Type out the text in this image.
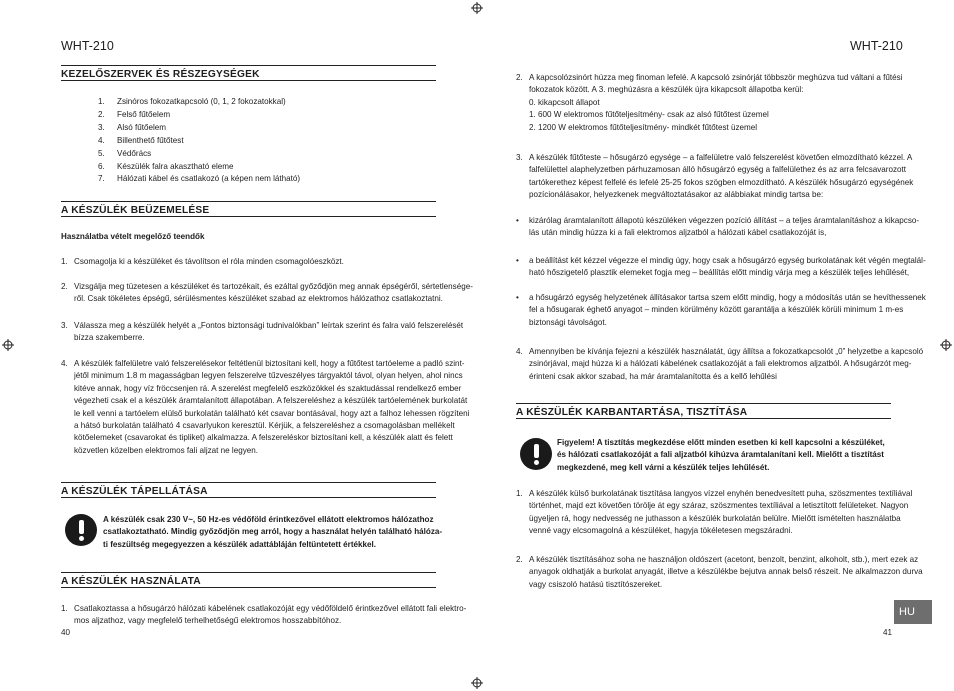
WHT-210
KEZELŐSZERVEK ÉS RÉSZEGYSÉGEK
1. Zsinóros fokozatkapcsoló (0, 1, 2 fokozatokkal)
2. Felső fűtőelem
3. Alsó fűtőelem
4. Billenthető fűtőtest
5. Védőrács
6. Készülék falra akasztható eleme
7. Hálózati kábel és csatlakozó (a képen nem látható)
A KÉSZÜLÉK BEÜZEMELÉSE
Használatba vételt megelőző teendők
1. Csomagolja ki a készüléket és távolítson el róla minden csomagolóeszközt.
2. Vizsgálja meg tüzetesen a készüléket és tartozékait, és ezáltal győződjön meg annak épségéről, sértetlensége-
ről. Csak tökéletes épségű, sérülésmentes készüléket szabad az elektromos hálózathoz csatlakoztatni.
3. Válassza meg a készülék helyét a „Fontos biztonsági tudnivalókban” leírtak szerint és falra való felszerelését
bízza szakemberre.
4. A készülék falfelületre való felszerelésekor feltétlenül biztosítani kell, hogy a fűtőtest tartóeleme a padló szint-
jétől minimum 1.8 m magasságban legyen felszerelve tűzveszélyes tárgyaktól távol, olyan helyen, ahol nincs
kitéve annak, hogy víz fröccsenjen rá. A szerelést megfelelő eszközökkel és szaktudással rendelkező ember
végezheti csak el a készülék áramtalanított állapotában. A felszereléshez a készülék tartóelemének burkolatát
le kell venni a tartóelem elülső burkolatán található két csavar bontásával, hogy azt a falhoz lehessen rögzíteni
a hátsó burkolatán található 4 csavarlyukon keresztül. Kérjük, a felszereléshez a csomagolásban mellékelt
kötőelemeket (csavarokat és tipliket) alkalmazza. A felszereléskor biztosítani kell, a készülék alatt és felett
közvetlen közelben elektromos fali aljzat ne legyen.
A KÉSZÜLÉK TÁPELLÁTÁSA
A készülék csak 230 V~, 50 Hz-es védőföld érintkezővel ellátott elektromos hálózathoz
csatlakoztatható. Mindig győződjön meg arról, hogy a használat helyén található hálóza-
ti feszültség megegyezzen a készülék adattábláján feltüntetett értékkel.
A KÉSZÜLÉK HASZNÁLATA
1. Csatlakoztassa a hősugárzó hálózati kábelének csatlakozóját egy védőföldelő érintkezővel ellátott fali elektro-
mos aljzathoz, vagy megfelelő terhelhetőségű elektromos hosszabbítóhoz.
40
WHT-210
2. A kapcsolózsinórt húzza meg finoman lefelé. A kapcsoló zsinórját többször meghúzva tud váltani a fűtési
fokozatok között. A 3. meghúzásra a készülék újra kikapcsolt állapotba kerül:
0. kikapcsolt állapot
1. 600 W elektromos fűtőteljesítmény- csak az alsó fűtőtest üzemel
2. 1200 W elektromos fűtőteljesítmény- mindkét fűtőtest üzemel
3. A készülék fűtőteste – hősugárzó egysége – a falfelületre való felszerelést követően elmozdítható kézzel. A
falfelülettel alaphelyzetben párhuzamosan álló hősugárzó egység a falfelülethez és az arra felcsavarozott
tartókerethez képest felfelé és lefelé 25-25 fokos szögben elmozdítható. A készülék hősugárzó egységének
pozícionálásakor, helyezkenek megváltoztatásakor az alábbiakat mindig tartsa be:
• kizárólag áramtalanított állapotú készüléken végezzen pozíció állítást – a teljes áramtalanításhoz a kikapcso-
lás után mindig húzza ki a fali elektromos aljzatból a hálózati kábel csatlakozóját is,
• a beállítást két kézzel végezze el mindig úgy, hogy csak a hősugárzó egység burkolatának két végén megtalál-
ható hőszigetelő plasztik elemeket fogja meg – beállítás előtt mindig várja meg a készülék teljes lehűlését,
• a hősugárzó egység helyzetének állításakor tartsa szem előtt mindig, hogy a módosítás után se hevíthessenek
fel a hősugarak éghető anyagot – minden körülmény között garantálja a készülék körüli minimum 1 m-es
biztonsági távolságot.
4. Amennyiben be kívánja fejezni a készülék használatát, úgy állítsa a fokozatkapcsolót „0” helyzetbe a kapcsoló
zsinórjával, majd húzza ki a hálózati kábelének csatlakozóját a fali elektromos aljzatból. A hősugárzót meg-
érinteni csak akkor szabad, ha már áramtalanította és a kellő lehűlési
A KÉSZÜLÉK KARBANTARTÁSA, TISZTÍTÁSA
Figyelem! A tisztítás megkezdése előtt minden esetben ki kell kapcsolni a készüléket,
és hálózati csatlakozóját a fali aljzatból kihúzva áramtalanítani kell. Mielőtt a tisztítást
megkezdené, meg kell várni a készülék teljes lehűlését.
1. A készülék külső burkolatának tisztítása langyos vízzel enyhén benedvesített puha, szöszmentes textíliával
történhet, majd ezt követően törölje át egy száraz, szöszmentes textíliával a letisztított felületeket. Nagyon
ügyeljen rá, hogy nedvesség ne juthasson a készülék burkolatán belülre. Mielőtt ismételten használatba
venné vagy elcsomagolná a készüléket, hagyja tökéletesen megszáradni.
2. A készülék tisztításához soha ne használjon oldószert (acetont, benzolt, benzint, alkoholt, stb.), mert ezek az
anyagok oldhatják a burkolat anyagát, illetve a készülékbe bejutva annak belső részeit. Ne alkalmazzon durva
vagy csiszoló hatású tisztítószereket.
HU
41
